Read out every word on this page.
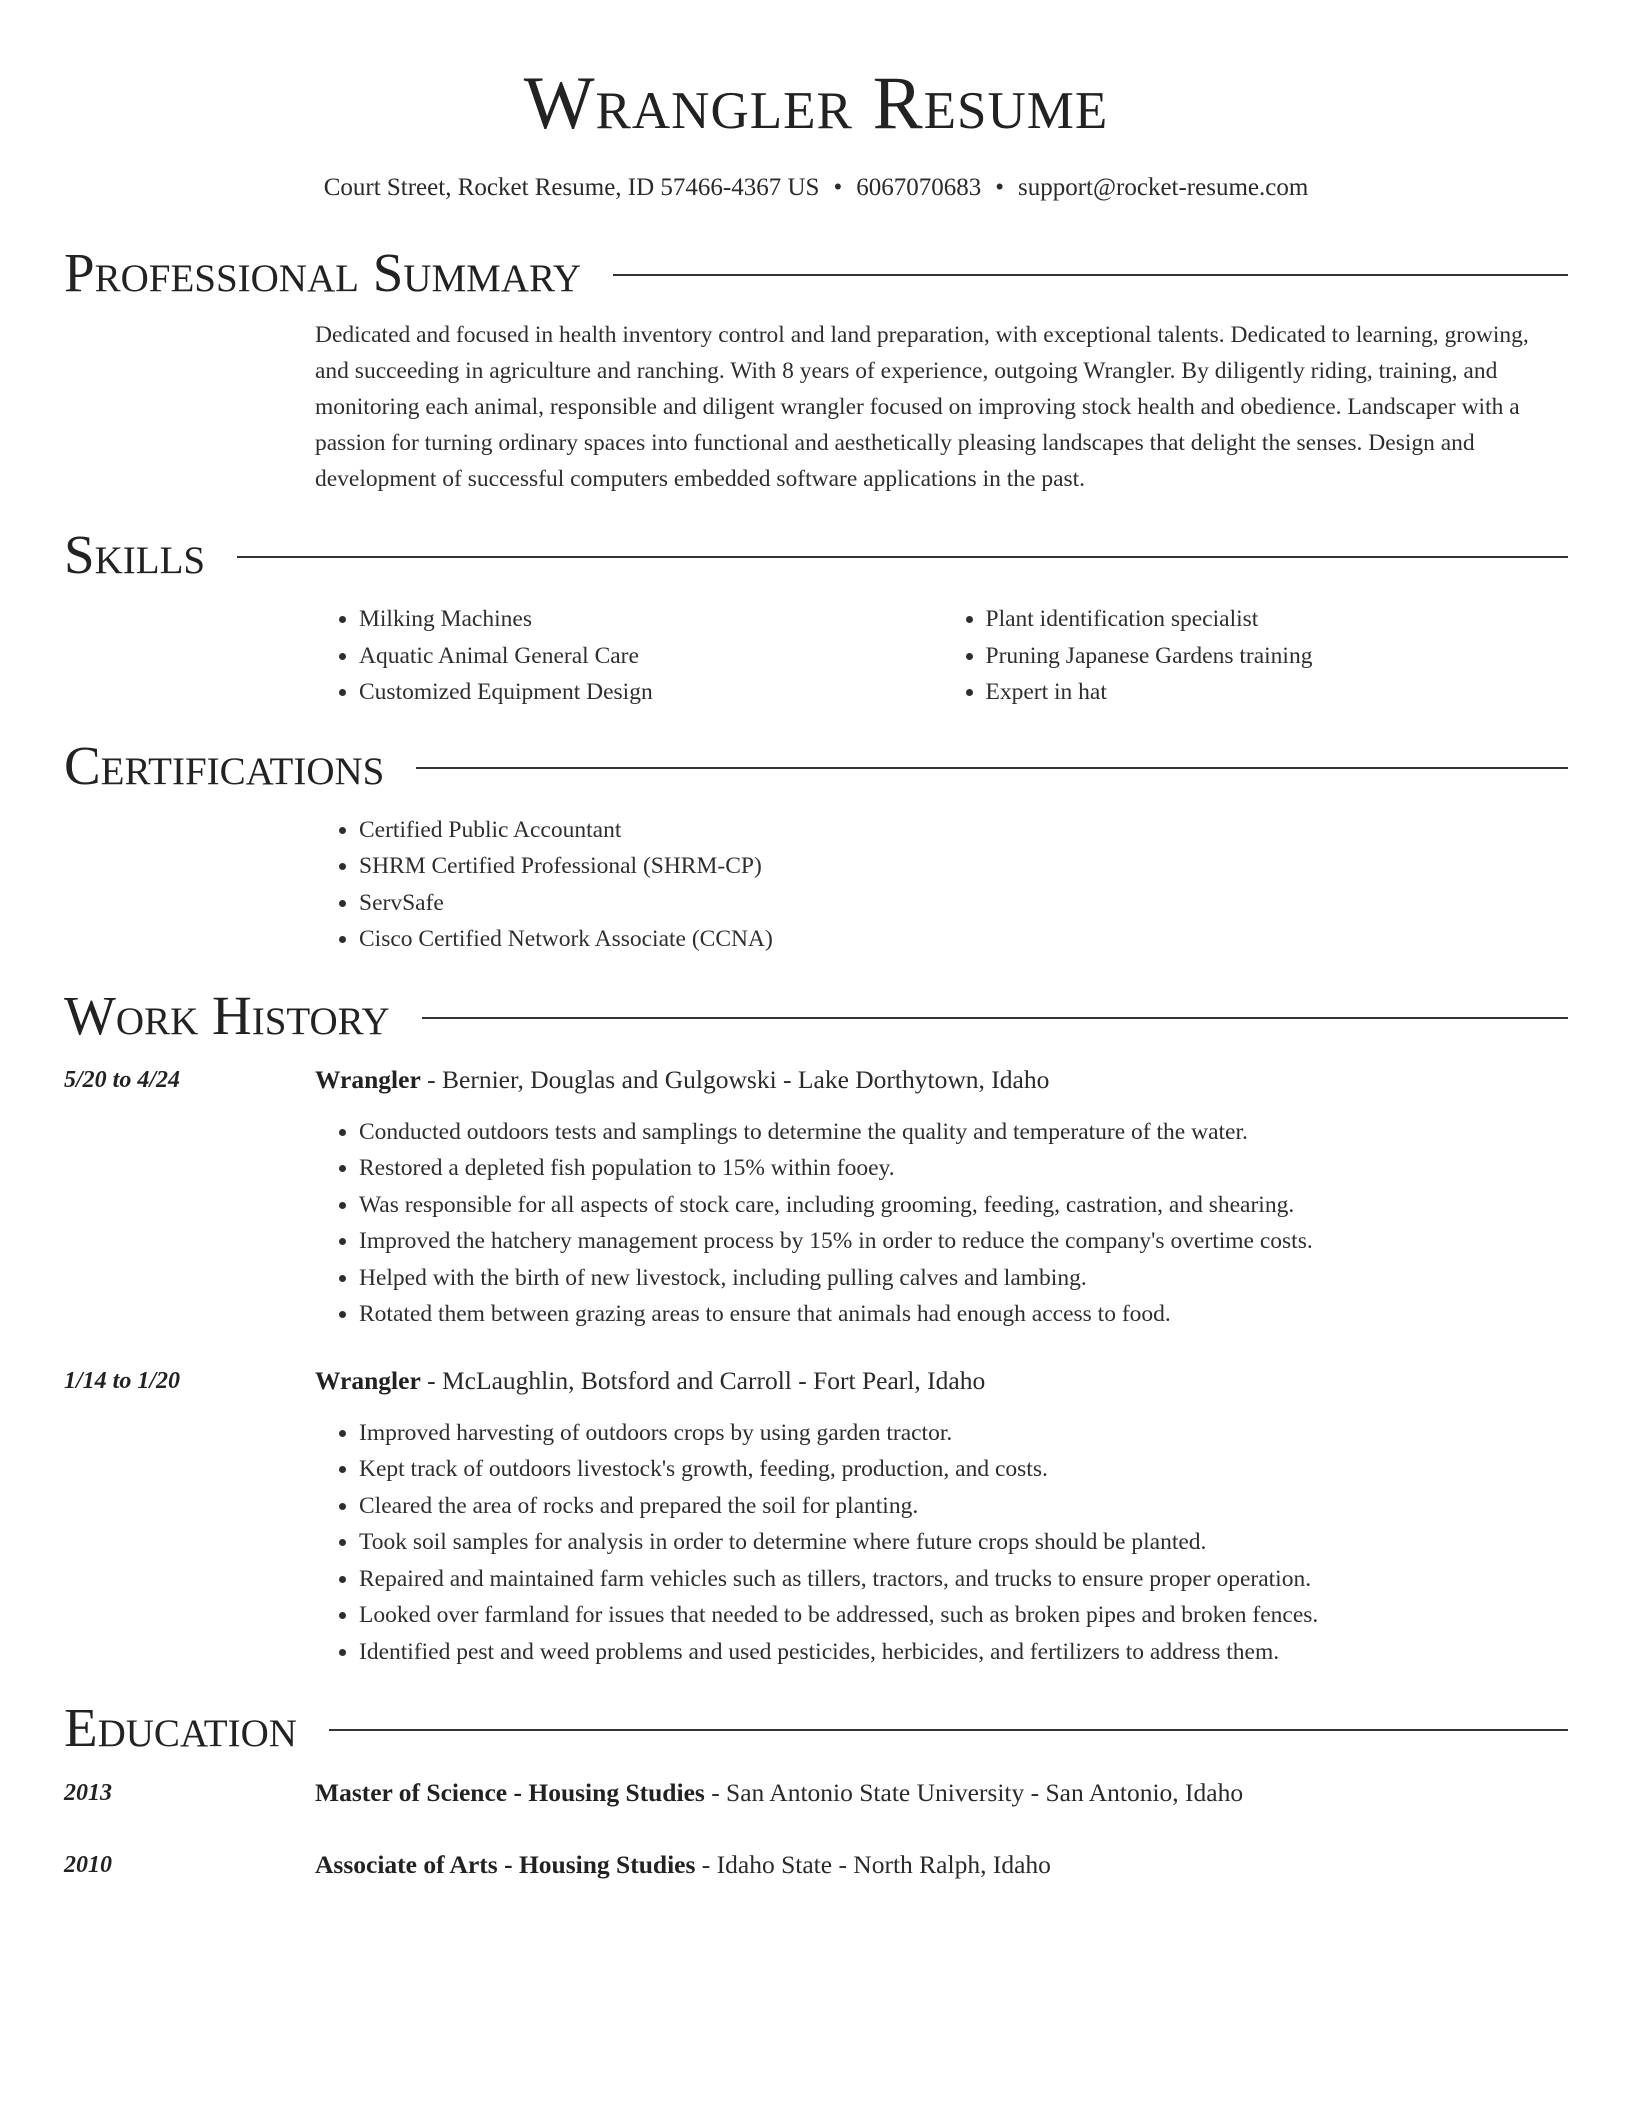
Wrangler Resume
Court Street, Rocket Resume, ID 57466-4367 US • 6067070683 • support@rocket-resume.com
Professional Summary

Dedicated and focused in health inventory control and land preparation, with exceptional talents. Dedicated to learning, growing, and succeeding in agriculture and ranching. With 8 years of experience, outgoing Wrangler. By diligently riding, training, and monitoring each animal, responsible and diligent wrangler focused on improving stock health and obedience. Landscaper with a passion for turning ordinary spaces into functional and aesthetically pleasing landscapes that delight the senses. Design and development of successful computers embedded software applications in the past.

Skills
• Milking Machines
• Aquatic Animal General Care
• Customized Equipment Design
• Plant identification specialist
• Pruning Japanese Gardens training
• Expert in hat
Certifications
• Certified Public Accountant
• SHRM Certified Professional (SHRM-CP)
• ServSafe
• Cisco Certified Network Associate (CCNA)
Work History
5/20 to 4/24	Wrangler - Bernier, Douglas and Gulgowski - Lake Dorthytown, Idaho
• Conducted outdoors tests and samplings to determine the quality and temperature of the water.
• Restored a depleted fish population to 15% within fooey.
• Was responsible for all aspects of stock care, including grooming, feeding, castration, and shearing.
• Improved the hatchery management process by 15% in order to reduce the company's overtime costs.
• Helped with the birth of new livestock, including pulling calves and lambing.
• Rotated them between grazing areas to ensure that animals had enough access to food.
1/14 to 1/20	Wrangler - McLaughlin, Botsford and Carroll - Fort Pearl, Idaho
• Improved harvesting of outdoors crops by using garden tractor.
• Kept track of outdoors livestock's growth, feeding, production, and costs.
• Cleared the area of rocks and prepared the soil for planting.
• Took soil samples for analysis in order to determine where future crops should be planted.
• Repaired and maintained farm vehicles such as tillers, tractors, and trucks to ensure proper operation.
• Looked over farmland for issues that needed to be addressed, such as broken pipes and broken fences.
• Identified pest and weed problems and used pesticides, herbicides, and fertilizers to address them.
Education
2013	Master of Science - Housing Studies - San Antonio State University - San Antonio, Idaho
2010	Associate of Arts - Housing Studies - Idaho State - North Ralph, Idaho
